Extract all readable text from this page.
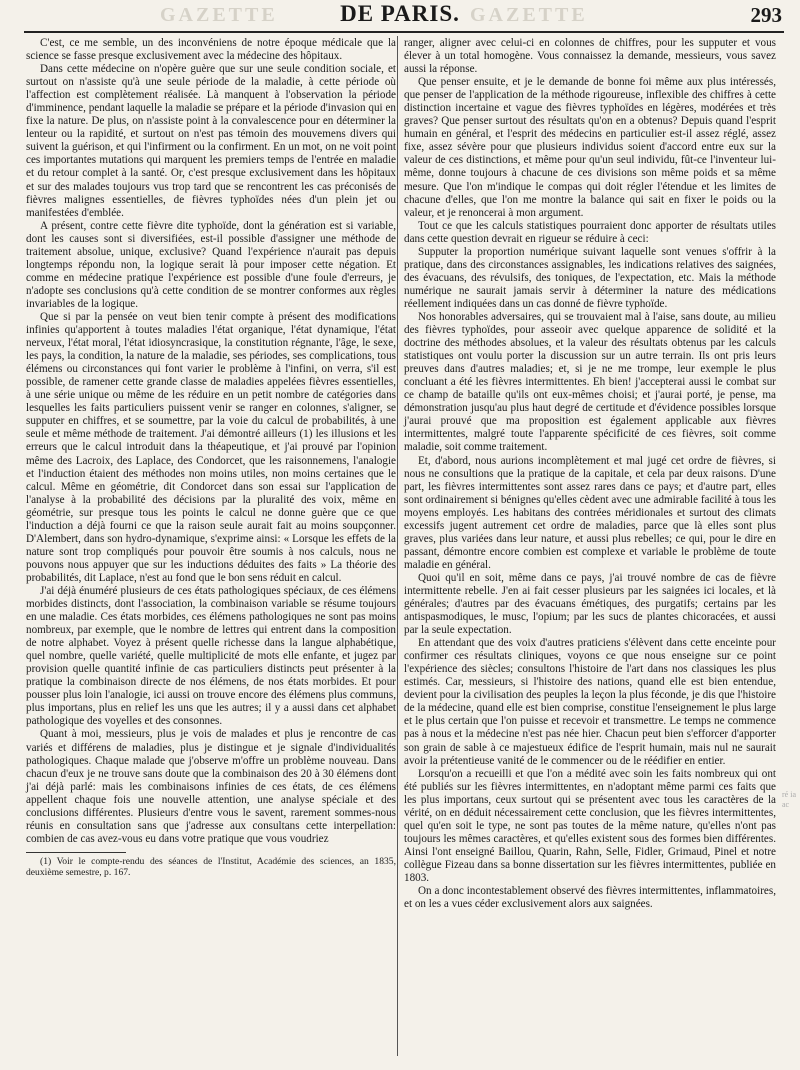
GAZETTE	DE PARIS. GAZETTE	293

C'est, ce me semble, un des inconvéniens de notre époque médicale que la science se fasse presque exclusivement avec la médecine des hôpitaux.

Dans cette médecine on n'opère guère que sur une seule condition sociale, et surtout on n'assiste qu'à une seule période de la maladie, à cette période où l'affection est complètement réalisée. Là manquent à l'observation la période d'imminence, pendant laquelle la maladie se prépare et la période d'invasion qui en fixe la nature. De plus, on n'assiste point à la convalescence pour en déterminer la lenteur ou la rapidité, et surtout on n'est pas témoin des mouvemens divers qui suivent la guérison, et qui l'infirment ou la confirment. En un mot, on ne voit point ces importantes mutations qui marquent les premiers temps de l'entrée en maladie et du retour complet à la santé. Or, c'est presque exclusivement dans les hôpitaux et sur des malades toujours vus trop tard que se rencontrent les cas préconisés de fièvres malignes essentielles, de fièvres typhoïdes nées d'un plein jet ou manifestées d'emblée.

A présent, contre cette fièvre dite typhoïde, dont la génération est si variable, dont les causes sont si diversifiées, est-il possible d'assigner une méthode de traitement absolue, unique, exclusive? Quand l'expérience n'aurait pas depuis longtemps répondu non, la logique serait là pour imposer cette négation. Et comme en médecine pratique l'expérience est possible d'une foule d'erreurs, je n'adopte ses conclusions qu'à cette condition de se montrer conformes aux règles invariables de la logique.

Que si par la pensée on veut bien tenir compte à présent des modifications infinies qu'apportent à toutes maladies l'état organique, l'état dynamique, l'état nerveux, l'état moral, l'état idiosyncrasique, la constitution régnante, l'âge, le sexe, les pays, la condition, la nature de la maladie, ses périodes, ses complications, tous élémens ou circonstances qui font varier le problème à l'infini, on verra, s'il est possible, de ramener cette grande classe de maladies appelées fièvres essentielles, à une série unique ou même de les réduire en un petit nombre de catégories dans lesquelles les faits particuliers puissent venir se ranger en colonnes, s'aligner, se supputer en chiffres, et se soumettre, par la voie du calcul de probabilités, à une seule et même méthode de traitement. J'ai démontré ailleurs (1) les illusions et les erreurs que le calcul introduit dans la théapeutique, et j'ai prouvé par l'opinion même des Lacroix, des Laplace, des Condorcet, que les raisonnemens, l'analogie et l'induction étaient des méthodes non moins utiles, non moins certaines que le calcul. Même en géométrie, dit Condorcet dans son essai sur l'application de l'analyse à la probabilité des décisions par la pluralité des voix, même en géométrie, sur presque tous les points le calcul ne donne guère que ce que l'induction a déjà fourni ce que la raison seule aurait fait au moins soupçonner. D'Alembert, dans son hydro-dynamique, s'exprime ainsi: « Lorsque les effets de la nature sont trop compliqués pour pouvoir être soumis à nos calculs, nous ne pouvons nous appuyer que sur les inductions déduites des faits » La théorie des probabilités, dit Laplace, n'est au fond que le bon sens réduit en calcul.

J'ai déjà énuméré plusieurs de ces états pathologiques spéciaux, de ces élémens morbides distincts, dont l'association, la combinaison variable se résume toujours en une maladie. Ces états morbides, ces élémens pathologiques ne sont pas moins nombreux, par exemple, que le nombre de lettres qui entrent dans la composition de notre alphabet. Voyez à présent quelle richesse dans la langue alphabétique, quel nombre, quelle variété, quelle multiplicité de mots elle enfante, et jugez par provision quelle quantité infinie de cas particuliers distincts peut présenter à la pratique la combinaison directe de nos élémens, de nos états morbides. Et pour pousser plus loin l'analogie, ici aussi on trouve encore des élémens plus communs, plus importans, plus en relief les uns que les autres; il y a aussi dans cet alphabet pathologique des voyelles et des consonnes.

Quant à moi, messieurs, plus je vois de malades et plus je rencontre de cas variés et différens de maladies, plus je distingue et je signale d'individualités pathologiques. Chaque malade que j'observe m'offre un problème nouveau. Dans chacun d'eux je ne trouve sans doute que la combinaison des 20 à 30 élémens dont j'ai déjà parlé: mais les combinaisons infinies de ces états, de ces élémens appellent chaque fois une nouvelle attention, une analyse spéciale et des conclusions différentes. Plusieurs d'entre vous le savent, rarement sommes-nous réunis en consultation sans que j'adresse aux consultans cette interpellation: combien de cas avez-vous eu dans votre pratique que vous voudriez

(1) Voir le compte-rendu des séances de l'Institut, Académie des sciences, an 1835, deuxième semestre, p. 167.

ranger, aligner avec celui-ci en colonnes de chiffres, pour les supputer et vous élever à un total homogène. Vous connaissez la demande, messieurs, vous savez aussi la réponse.

Que penser ensuite, et je le demande de bonne foi même aux plus intéressés, que penser de l'application de la méthode rigoureuse, inflexible des chiffres à cette distinction incertaine et vague des fièvres typhoïdes en légères, modérées et très graves? Que penser surtout des résultats qu'on en a obtenus? Depuis quand l'esprit humain en général, et l'esprit des médecins en particulier est-il assez réglé, assez fixe, assez sévère pour que plusieurs individus soient d'accord entre eux sur la valeur de ces distinctions, et même pour qu'un seul individu, fût-ce l'inventeur lui-même, donne toujours à chacune de ces divisions son même poids et sa même mesure. Que l'on m'indique le compas qui doit régler l'étendue et les limites de chacune d'elles, que l'on me montre la balance qui sait en fixer le poids ou la valeur, et je renoncerai à mon argument.

Tout ce que les calculs statistiques pourraient donc apporter de résultats utiles dans cette question devrait en rigueur se réduire à ceci:

Supputer la proportion numérique suivant laquelle sont venues s'offrir à la pratique, dans des circonstances assignables, les indications relatives des saignées, des évacuans, des révulsifs, des toniques, de l'expectation, etc. Mais la méthode numérique ne saurait jamais servir à déterminer la nature des médications réellement indiquées dans un cas donné de fièvre typhoïde.

Nos honorables adversaires, qui se trouvaient mal à l'aise, sans doute, au milieu des fièvres typhoïdes, pour asseoir avec quelque apparence de solidité et la doctrine des méthodes absolues, et la valeur des résultats obtenus par les calculs statistiques ont voulu porter la discussion sur un autre terrain. Ils ont pris leurs preuves dans d'autres maladies; et, si je ne me trompe, leur exemple le plus concluant a été les fièvres intermittentes. Eh bien! j'accepterai aussi le combat sur ce champ de bataille qu'ils ont eux-mêmes choisi; et j'aurai porté, je pense, ma démonstration jusqu'au plus haut degré de certitude et d'évidence possibles lorsque j'aurai prouvé que ma proposition est également applicable aux fièvres intermittentes, malgré toute l'apparente spécificité de ces fièvres, soit comme maladie, soit comme traitement.

Et, d'abord, nous aurions incomplètement et mal jugé cet ordre de fièvres, si nous ne consultions que la pratique de la capitale, et cela par deux raisons. D'une part, les fièvres intermittentes sont assez rares dans ce pays; et d'autre part, elles sont ordinairement si bénignes qu'elles cèdent avec une admirable facilité à tous les moyens employés. Les habitans des contrées méridionales et surtout des climats excessifs jugent autrement cet ordre de maladies, parce que là elles sont plus graves, plus variées dans leur nature, et aussi plus rebelles; ce qui, pour le dire en passant, démontre encore combien est complexe et variable le problème de toute maladie en général.

Quoi qu'il en soit, même dans ce pays, j'ai trouvé nombre de cas de fièvre intermittente rebelle. J'en ai fait cesser plusieurs par les saignées ici locales, et là générales; d'autres par des évacuans émétiques, des purgatifs; certains par les antispasmodiques, le musc, l'opium; par les sucs de plantes chicoracées, et aussi par la seule expectation.

En attendant que des voix d'autres praticiens s'élèvent dans cette enceinte pour confirmer ces résultats cliniques, voyons ce que nous enseigne sur ce point l'expérience des siècles; consultons l'histoire de l'art dans nos classiques les plus estimés. Car, messieurs, si l'histoire des nations, quand elle est bien entendue, devient pour la civilisation des peuples la leçon la plus féconde, je dis que l'histoire de la médecine, quand elle est bien comprise, constitue l'enseignement le plus large et le plus certain que l'on puisse et recevoir et transmettre. Le temps ne commence pas à nous et la médecine n'est pas née hier. Chacun peut bien s'efforcer d'apporter son grain de sable à ce majestueux édifice de l'esprit humain, mais nul ne saurait avoir la prétentieuse vanité de le commencer ou de le réédifier en entier.

Lorsqu'on a recueilli et que l'on a médité avec soin les faits nombreux qui ont été publiés sur les fièvres intermittentes, en n'adoptant même parmi ces faits que les plus importans, ceux surtout qui se présentent avec tous les caractères de la vérité, on en déduit nécessairement cette conclusion, que les fièvres intermittentes, quel qu'en soit le type, ne sont pas toutes de la même nature, qu'elles n'ont pas toujours les mêmes caractères, et qu'elles existent sous des formes bien différentes. Ainsi l'ont enseigné Baillou, Quarin, Rahn, Selle, Fidler, Grimaud, Pinel et notre collègue Fizeau dans sa bonne dissertation sur les fièvres intermittentes, publiée en 1803.

On a donc incontestablement observé des fièvres intermittentes, inflammatoires, et on les a vues céder exclusivement alors aux saignées.

ré ia ac
